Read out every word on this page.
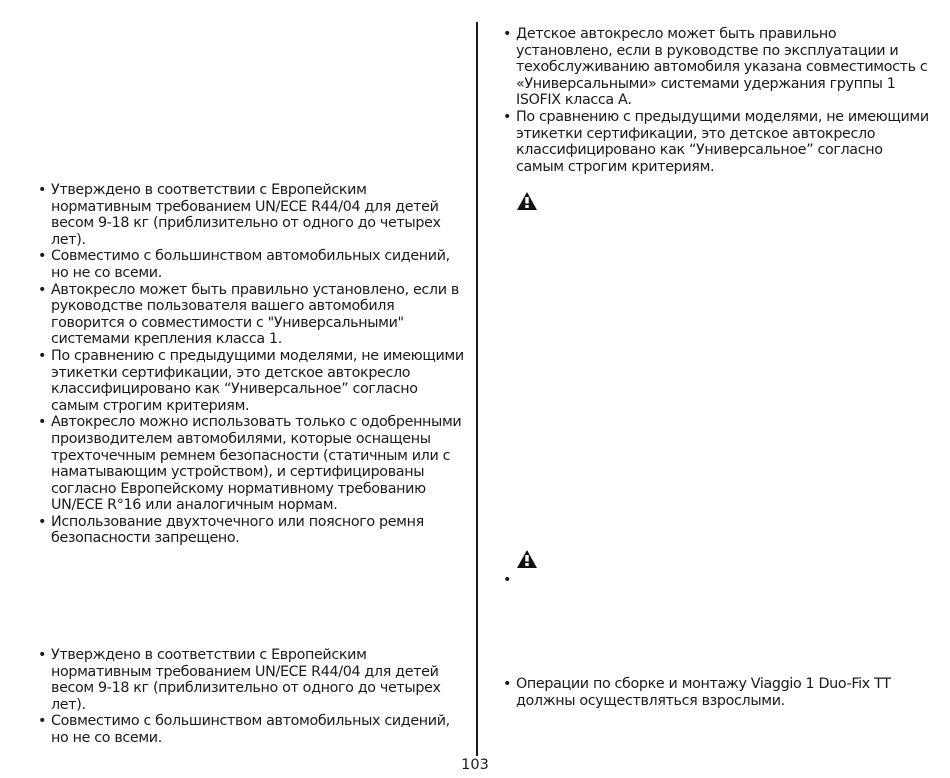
• Утверждено в соответствии с Европейским нормативным требованием UN/ECE R44/04 для детей весом 9-18 кг (приблизительно от одного до четырех лет).
• Совместимо с большинством автомобильных сидений, но не со всеми.
• Автокресло может быть правильно установлено, если в руководстве пользователя вашего автомобиля говорится о совместимости с "Универсальными" системами крепления класса 1.
• По сравнению с предыдущими моделями, не имеющими этикетки сертификации, это детское автокресло классифицировано как “Универсальное” согласно самым строгим критериям.
• Автокресло можно использовать только с одобренными производителем автомобилями, которые оснащены трехточечным ремнем безопасности (статичным или с наматывающим устройством), и сертифицированы согласно Европейскому нормативному требованию UN/ECE R°16 или аналогичным нормам.
• Использование двухточечного или поясного ремня безопасности запрещено.
• Утверждено в соответствии с Европейским нормативным требованием UN/ECE R44/04 для детей весом 9-18 кг (приблизительно от одного до четырех лет).
• Совместимо с большинством автомобильных сидений, но не со всеми.
• Детское автокресло может быть правильно установлено, если в руководстве по эксплуатации и техобслуживанию автомобиля указана совместимость с «Универсальными» системами удержания группы 1 ISOFIX класса А.
• По сравнению с предыдущими моделями, не имеющими этикетки сертификации, это детское автокресло классифицировано как “Универсальное” согласно самым строгим критериям.
• Операции по сборке и монтажу Viaggio 1 Duo-Fix TT должны осуществляться взрослыми.
103
